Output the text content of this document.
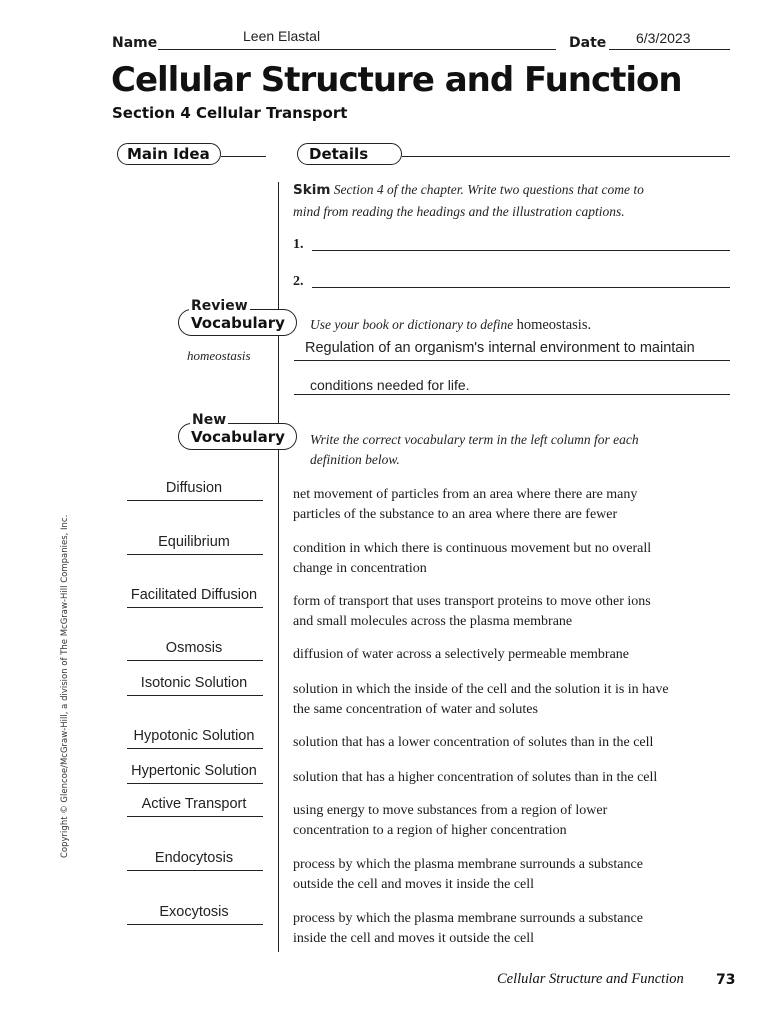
Name	Leen Elastal	Date 6/3/2023
Cellular Structure and Function
Section 4 Cellular Transport
Main Idea	Details
Skim Section 4 of the chapter. Write two questions that come to
mind from reading the headings and the illustration captions.
1.
2.
Vocabulary
Review
Use your book or dictionary to define homeostasis.
homeostasis	Regulation of an organism's internal environment to maintain
conditions needed for life.
Vocabulary
New
Write the correct vocabulary term in the left column for each
definition below.
Diffusion	net movement of particles from an area where there are many
particles of the substance to an area where there are fewer
Equilibrium	condition in which there is continuous movement but no overall
change in concentration
Facilitated Diffusion	form of transport that uses transport proteins to move other ions
and small molecules across the plasma membrane
Osmosis	diffusion of water across a selectively permeable membrane
Isotonic Solution	solution in which the inside of the cell and the solution it is in have
the same concentration of water and solutes
Hypotonic Solution	solution that has a lower concentration of solutes than in the cell
Hypertonic Solution	solution that has a higher concentration of solutes than in the cell
Active Transport	using energy to move substances from a region of lower
concentration to a region of higher concentration
Endocytosis	process by which the plasma membrane surrounds a substance
outside the cell and moves it inside the cell
Exocytosis	process by which the plasma membrane surrounds a substance
inside the cell and moves it outside the cell
Copyright © Glencoe/McGraw-Hill, a division of The McGraw-Hill Companies, Inc.
Cellular Structure and Function 73
